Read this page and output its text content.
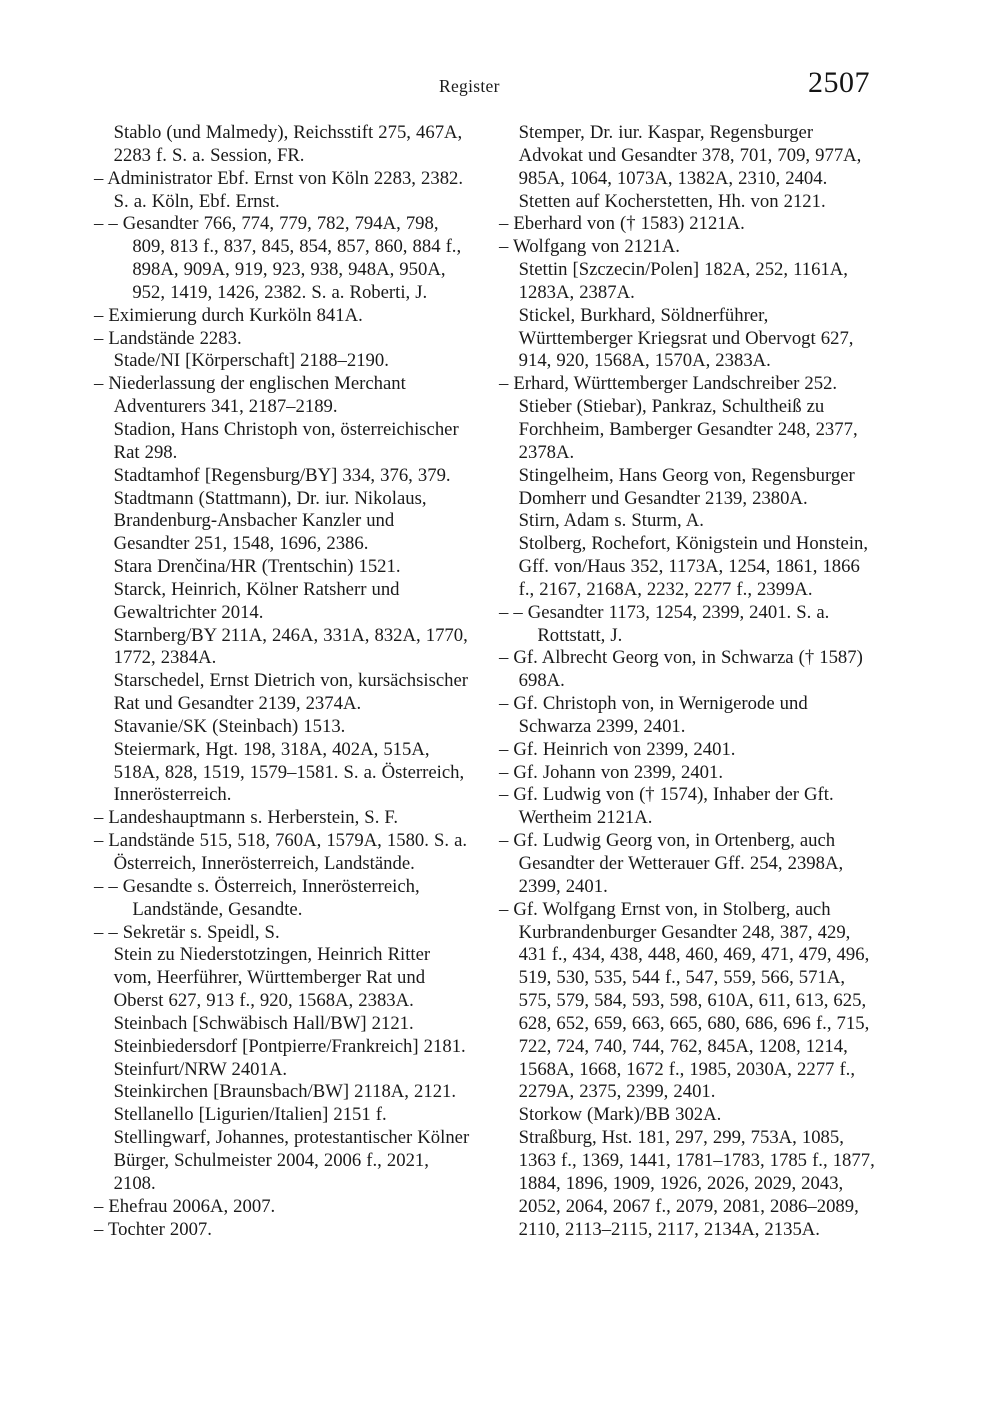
Register	2507

Stablo (und Malmedy), Reichsstift 275, 467A, 2283 f. S. a. Session, FR.

– Administrator Ebf. Ernst von Köln 2283, 2382. S. a. Köln, Ebf. Ernst.

– – Gesandter 766, 774, 779, 782, 794A, 798, 809, 813 f., 837, 845, 854, 857, 860, 884 f., 898A, 909A, 919, 923, 938, 948A, 950A, 952, 1419, 1426, 2382. S. a. Roberti, J.

– Eximierung durch Kurköln 841A.

– Landstände 2283.

Stade/NI [Körperschaft] 2188–2190.

– Niederlassung der englischen Merchant Adventurers 341, 2187–2189.

Stadion, Hans Christoph von, österreichischer Rat 298.

Stadtamhof [Regensburg/BY] 334, 376, 379.

Stadtmann (Stattmann), Dr. iur. Nikolaus, Brandenburg-Ansbacher Kanzler und Gesandter 251, 1548, 1696, 2386.

Stara Drenčina/HR (Trentschin) 1521.

Starck, Heinrich, Kölner Ratsherr und Gewaltrichter 2014.

Starnberg/BY 211A, 246A, 331A, 832A, 1770, 1772, 2384A.

Starschedel, Ernst Dietrich von, kursächsischer Rat und Gesandter 2139, 2374A.

Stavanie/SK (Steinbach) 1513.

Steiermark, Hgt. 198, 318A, 402A, 515A, 518A, 828, 1519, 1579–1581. S. a. Österreich, Innerösterreich.

– Landeshauptmann s. Herberstein, S. F.

– Landstände 515, 518, 760A, 1579A, 1580. S. a. Österreich, Innerösterreich, Landstände.

– – Gesandte s. Österreich, Innerösterreich, Landstände, Gesandte.

– – Sekretär s. Speidl, S.

Stein zu Niederstotzingen, Heinrich Ritter vom, Heerführer, Württemberger Rat und Oberst 627, 913 f., 920, 1568A, 2383A.

Steinbach [Schwäbisch Hall/BW] 2121.

Steinbiedersdorf [Pontpierre/Frankreich] 2181.

Steinfurt/NRW 2401A.

Steinkirchen [Braunsbach/BW] 2118A, 2121.

Stellanello [Ligurien/Italien] 2151 f.

Stellingwarf, Johannes, protestantischer Kölner Bürger, Schulmeister 2004, 2006 f., 2021, 2108.

– Ehefrau 2006A, 2007.

– Tochter 2007.

Stemper, Dr. iur. Kaspar, Regensburger Advokat und Gesandter 378, 701, 709, 977A, 985A, 1064, 1073A, 1382A, 2310, 2404.

Stetten auf Kocherstetten, Hh. von 2121.

– Eberhard von († 1583) 2121A.

– Wolfgang von 2121A.

Stettin [Szczecin/Polen] 182A, 252, 1161A, 1283A, 2387A.

Stickel, Burkhard, Söldnerführer, Württemberger Kriegsrat und Obervogt 627, 914, 920, 1568A, 1570A, 2383A.

– Erhard, Württemberger Landschreiber 252.

Stieber (Stiebar), Pankraz, Schultheiß zu Forchheim, Bamberger Gesandter 248, 2377, 2378A.

Stingelheim, Hans Georg von, Regensburger Domherr und Gesandter 2139, 2380A.

Stirn, Adam s. Sturm, A.

Stolberg, Rochefort, Königstein und Honstein, Gff. von/Haus 352, 1173A, 1254, 1861, 1866 f., 2167, 2168A, 2232, 2277 f., 2399A.

– – Gesandter 1173, 1254, 2399, 2401. S. a. Rottstatt, J.

– Gf. Albrecht Georg von, in Schwarza († 1587) 698A.

– Gf. Christoph von, in Wernigerode und Schwarza 2399, 2401.

– Gf. Heinrich von 2399, 2401.

– Gf. Johann von 2399, 2401.

– Gf. Ludwig von († 1574), Inhaber der Gft. Wertheim 2121A.

– Gf. Ludwig Georg von, in Ortenberg, auch Gesandter der Wetterauer Gff. 254, 2398A, 2399, 2401.

– Gf. Wolfgang Ernst von, in Stolberg, auch Kurbrandenburger Gesandter 248, 387, 429, 431 f., 434, 438, 448, 460, 469, 471, 479, 496, 519, 530, 535, 544 f., 547, 559, 566, 571A, 575, 579, 584, 593, 598, 610A, 611, 613, 625, 628, 652, 659, 663, 665, 680, 686, 696 f., 715, 722, 724, 740, 744, 762, 845A, 1208, 1214, 1568A, 1668, 1672 f., 1985, 2030A, 2277 f., 2279A, 2375, 2399, 2401.

Storkow (Mark)/BB 302A.

Straßburg, Hst. 181, 297, 299, 753A, 1085, 1363 f., 1369, 1441, 1781–1783, 1785 f., 1877, 1884, 1896, 1909, 1926, 2026, 2029, 2043, 2052, 2064, 2067 f., 2079, 2081, 2086–2089, 2110, 2113–2115, 2117, 2134A, 2135A.
